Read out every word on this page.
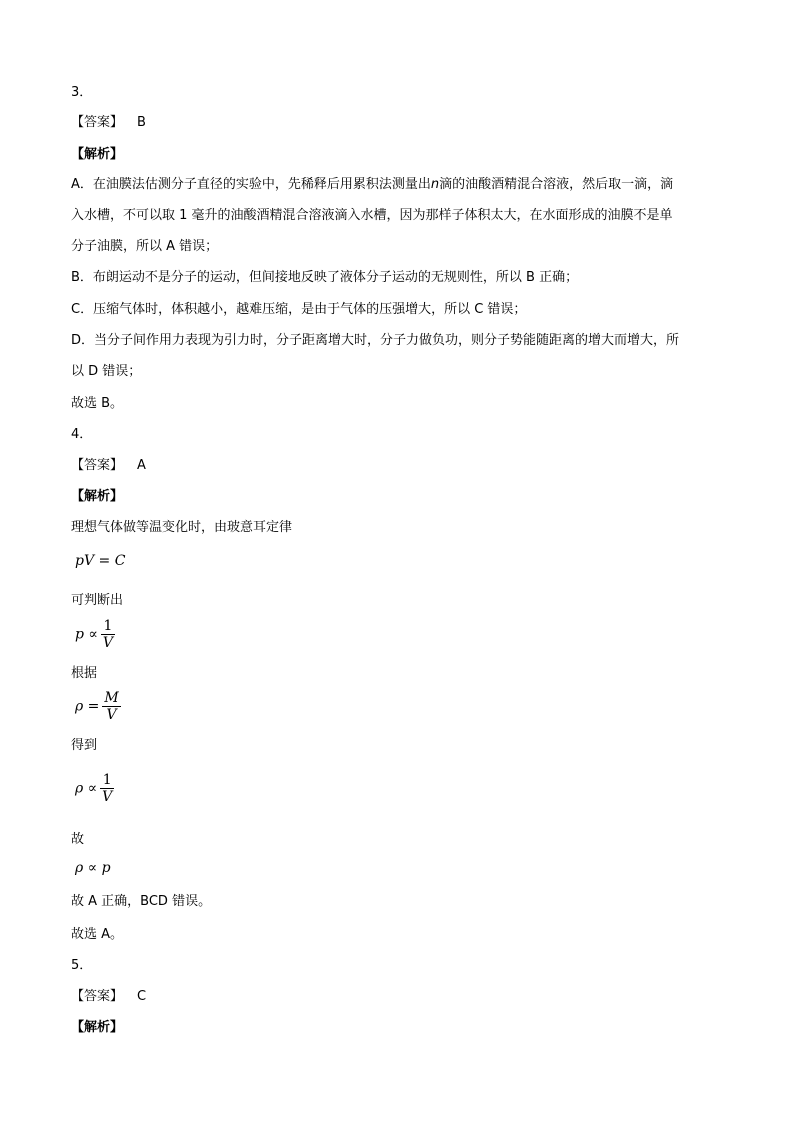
3．
【答案】 B
【解析】
A．在油膜法估测分子直径的实验中，先稀释后用累积法测量出n滴的油酸酒精混合溶液，然后取一滴，滴
入水槽，不可以取 1 毫升的油酸酒精混合溶液滴入水槽，因为那样子体积太大，在水面形成的油膜不是单
分子油膜，所以 A 错误；
B．布朗运动不是分子的运动，但间接地反映了液体分子运动的无规则性，所以 B 正确；
C．压缩气体时，体积越小，越难压缩，是由于气体的压强增大，所以 C 错误；
D．当分子间作用力表现为引力时，分子距离增大时，分子力做负功，则分子势能随距离的增大而增大，所
以 D 错误；
故选 B。
4．
【答案】 A
【解析】
理想气体做等温变化时，由玻意耳定律
pV = C
可判断出
$p \propto \frac{1}{V}$
根据
$\rho = \frac{M}{V}$
得到
$\rho \propto \frac{1}{V}$
故
ρ ∝ p
故 A 正确，BCD 错误。
故选 A。
5．
【答案】 C
【解析】
